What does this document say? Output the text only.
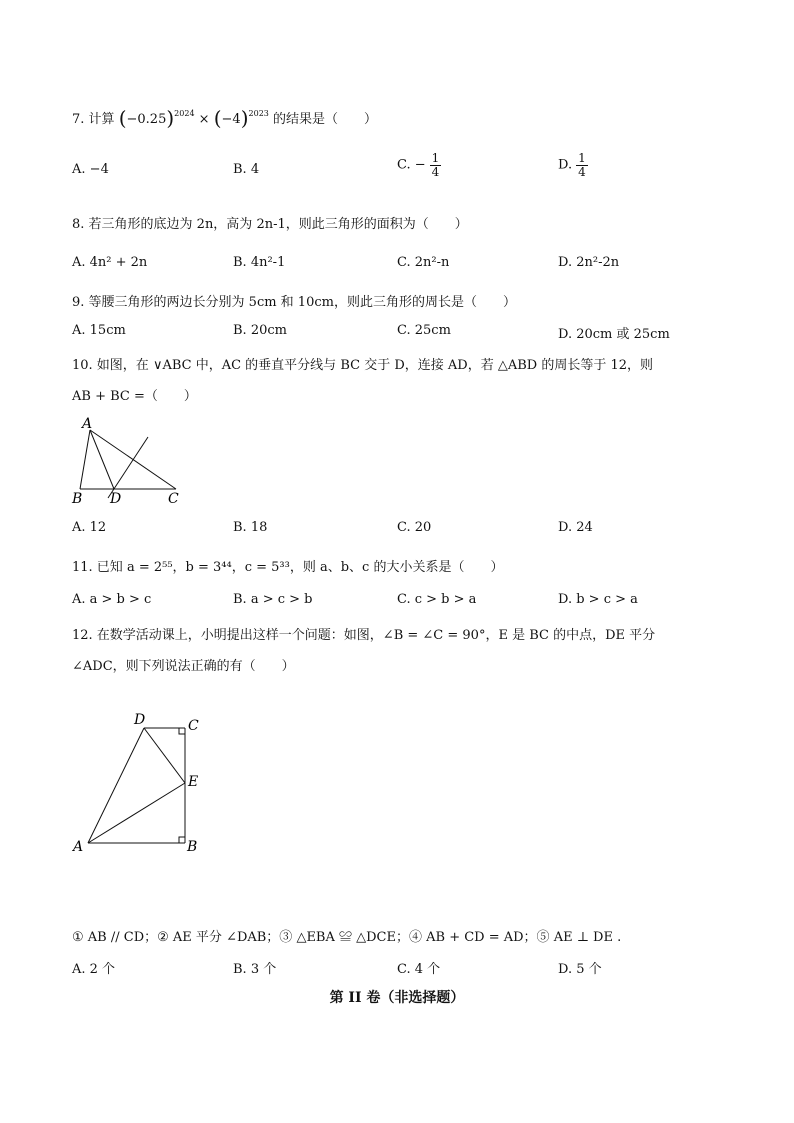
7. 计算 $(-0.25)^{2024} \times (-4)^{2023}$ 的结果是（　　）
A. −4	B. 4	C. − $\frac{1}{4}$	D. $\frac{1}{4}$
8. 若三角形的底边为 2n，高为 2n-1，则此三角形的面积为（　　）
A. 4n² + 2n	B. 4n²-1	C. 2n²-n	D. 2n²-2n
9. 等腰三角形的两边长分别为 5cm 和 10cm，则此三角形的周长是（　　）
A. 15cm	B. 20cm	C. 25cm	D. 20cm 或 25cm
10. 如图，在 ∨ABC 中，AC 的垂直平分线与 BC 交于 D，连接 AD，若 △ABD 的周长等于 12，则
AB + BC =（　　）
A
B D	C
A. 12	B. 18	C. 20	D. 24
11. 已知 a = 2⁵⁵，b = 3⁴⁴，c = 5³³，则 a、b、c 的大小关系是（　　）
A. a > b > c	B. a > c > b	C. c > b > a	D. b > c > a
12. 在数学活动课上，小明提出这样一个问题：如图，∠B = ∠C = 90°，E 是 BC 的中点，DE 平分
∠ADC，则下列说法正确的有（　　）
D	C
E
A	B
① AB // CD；② AE 平分 ∠DAB；③ △EBA ≌ △DCE；④ AB + CD = AD；⑤ AE ⊥ DE .
A. 2 个	B. 3 个	C. 4 个	D. 5 个
第 II 卷（非选择题）
